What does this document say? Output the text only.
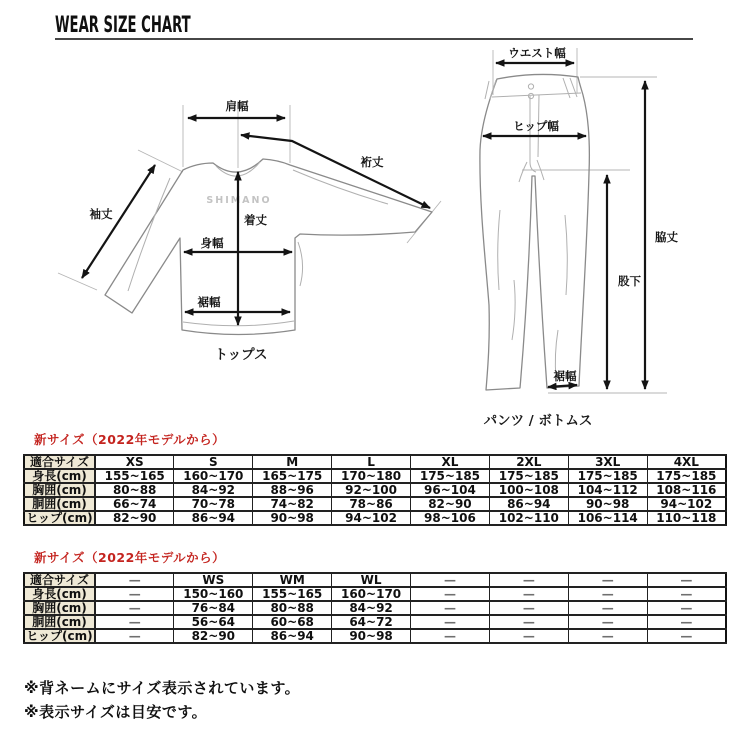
WEAR SIZE CHART
SHIMANO
肩幅
裄丈
袖丈	着丈
身幅
裾幅
トップス
ウエスト幅
ヒップ幅
股下
脇丈
裾幅
パンツ / ボトムス
新サイズ（2022年モデルから）
適合サイズ	XS	S	M	L	XL	2XL	3XL	4XL
身長(cm)	155~165	160~170	165~175	170~180	175~185	175~185	175~185	175~185
胸囲(cm)	80~88	84~92	88~96	92~100	96~104	100~108	104~112	108~116
胴囲(cm)	66~74	70~78	74~82	78~86	82~90	86~94	90~98	94~102
ヒップ(cm)	82~90	86~94	90~98	94~102	98~106	102~110	106~114	110~118
新サイズ（2022年モデルから）
適合サイズ	—	WS	WM	WL	—	—	—	—
身長(cm)	—	150~160	155~165	160~170	—	—	—	—
胸囲(cm)	—	76~84	80~88	84~92	—	—	—	—
胴囲(cm)	—	56~64	60~68	64~72	—	—	—	—
ヒップ(cm)	—	82~90	86~94	90~98	—	—	—	—
※背ネームにサイズ表示されています。
※表示サイズは目安です。
